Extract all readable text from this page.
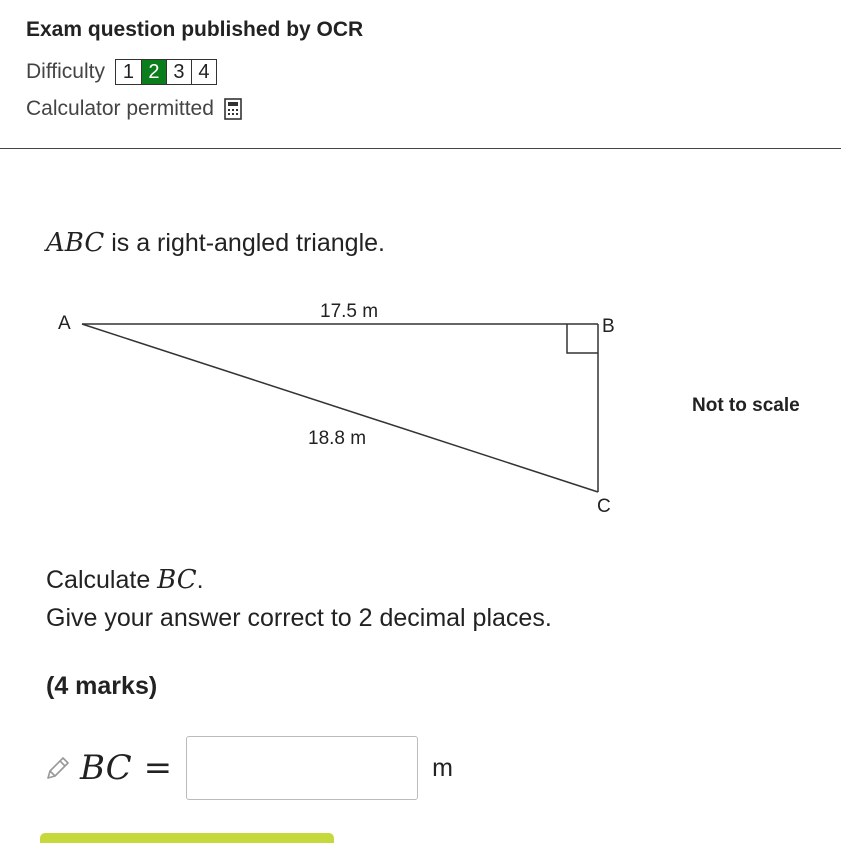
Exam question published by OCR
Difficulty 1 2 3 4
Calculator permitted
ABC is a right-angled triangle.
A	B
C
17.5 m
18.8 m
Not to scale
Calculate BC.
Give your answer correct to 2 decimal places.
(4 marks)
BC =	m
